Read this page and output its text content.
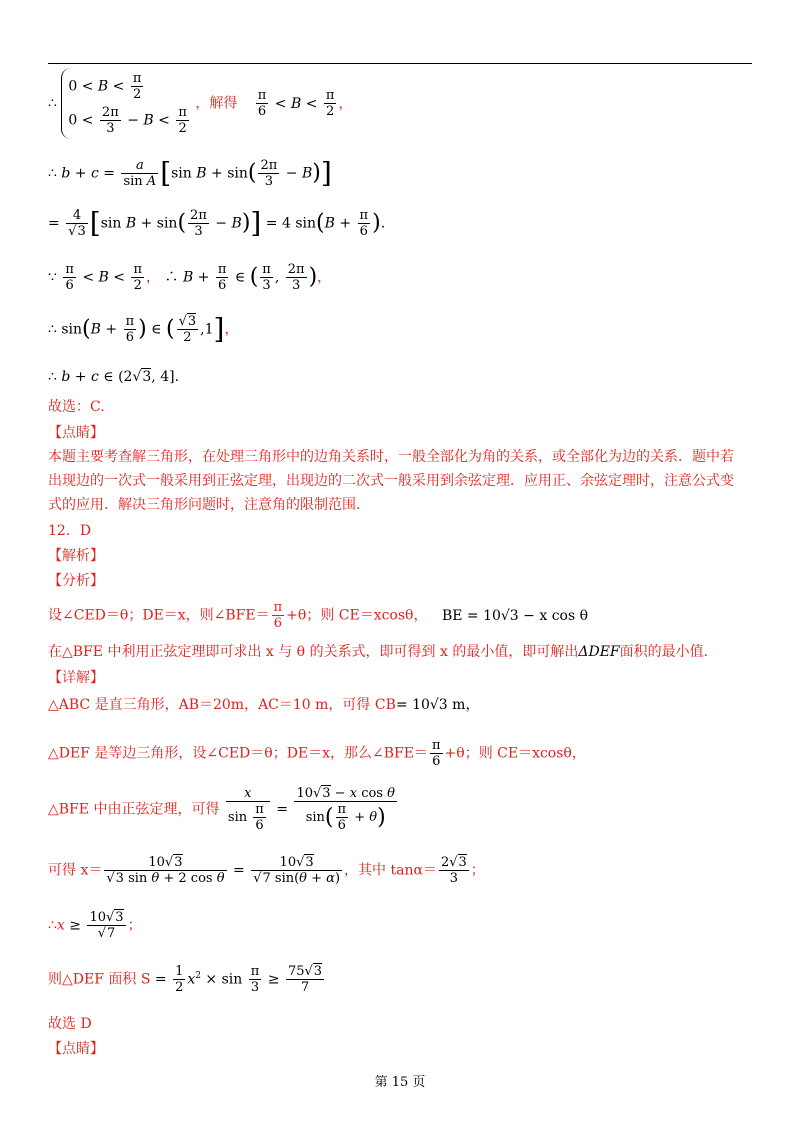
∴
$0 < B < \frac{\pi}{2}$
$0 < \frac{2\pi}{3} - B < \frac{\pi}{2}$
，解得 $\frac{\pi}{6} < B < \frac{\pi}{2}$ ，
∴ $b + c = \frac{a}{\text{sin A}} [\sin$ $B + \sin( \frac{2\pi}{3} - B)$]
= $\frac{4}{√3} [\sin$ $B + \sin( \frac{2\pi}{3} - B)] = 4$ $\sin(B + \frac{\pi}{6}$ ).
∵ $\frac{\pi}{6} < B < \frac{\pi}{2}$ ， ∴ $B + \frac{\pi}{6}$ ∈ ( $\frac{\pi}{3}$ , $\frac{2\pi}{3}$ )，
∴ $\sin(B + \frac{\pi}{6}$ ) ∈ ( $\frac{√3}{2} ,1$]，
∴ b + c ∈ (2√3, 4].
故选：C.
【点睛】
本题主要考查解三角形，在处理三角形中的边角关系时，一般全部化为角的关系，或全部化为边的关系．题中若
出现边的一次式一般采用到正弦定理，出现边的二次式一般采用到余弦定理．应用正、余弦定理时，注意公式变
式的应用．解决三角形问题时，注意角的限制范围.
12．D
【解析】
【分析】
设∠CED＝θ；DE＝x，则∠BFE＝ $\frac{\pi}{6} +\theta$；则 CE＝xcosθ， BE = 10√3 − x cos θ
在△BFE 中利用正弦定理即可求出 x 与 θ 的关系式，即可得到 x 的最小值，即可解出ΔDEF面积的最小值.
【详解】
△ABC 是直三角形，AB＝20m，AC＝10 m，可得 CB= 10√3 m，
△DEF 是等边三角形，设∠CED＝θ；DE＝x，那么∠BFE＝ $\frac{\pi}{6} +\theta$；则 CE＝xcosθ，
△BFE 中由正弦定理，可得 $\frac{x}{\sin \frac{\pi}{6}} = \frac{\text{10√3 − x cos θ}}{\sin( \frac{\pi}{6} + \theta)}$
可得 $x= \frac{10√3}{\text{√3 sin θ + 2 cos θ}} = \frac{10√3}{√7 \sin(\theta + \alpha)}$ ，其中 $\tan\alpha= \frac{2√3}{3}$ ；
∴x ≥ $\frac{10√3}{√7}$ ；
则△DEF 面积 $S = \frac{1}{2} x^2 \times \sin \frac{\pi}{3} \ge \frac{75√3}{7}$
故选 D
【点睛】
第 15 页
